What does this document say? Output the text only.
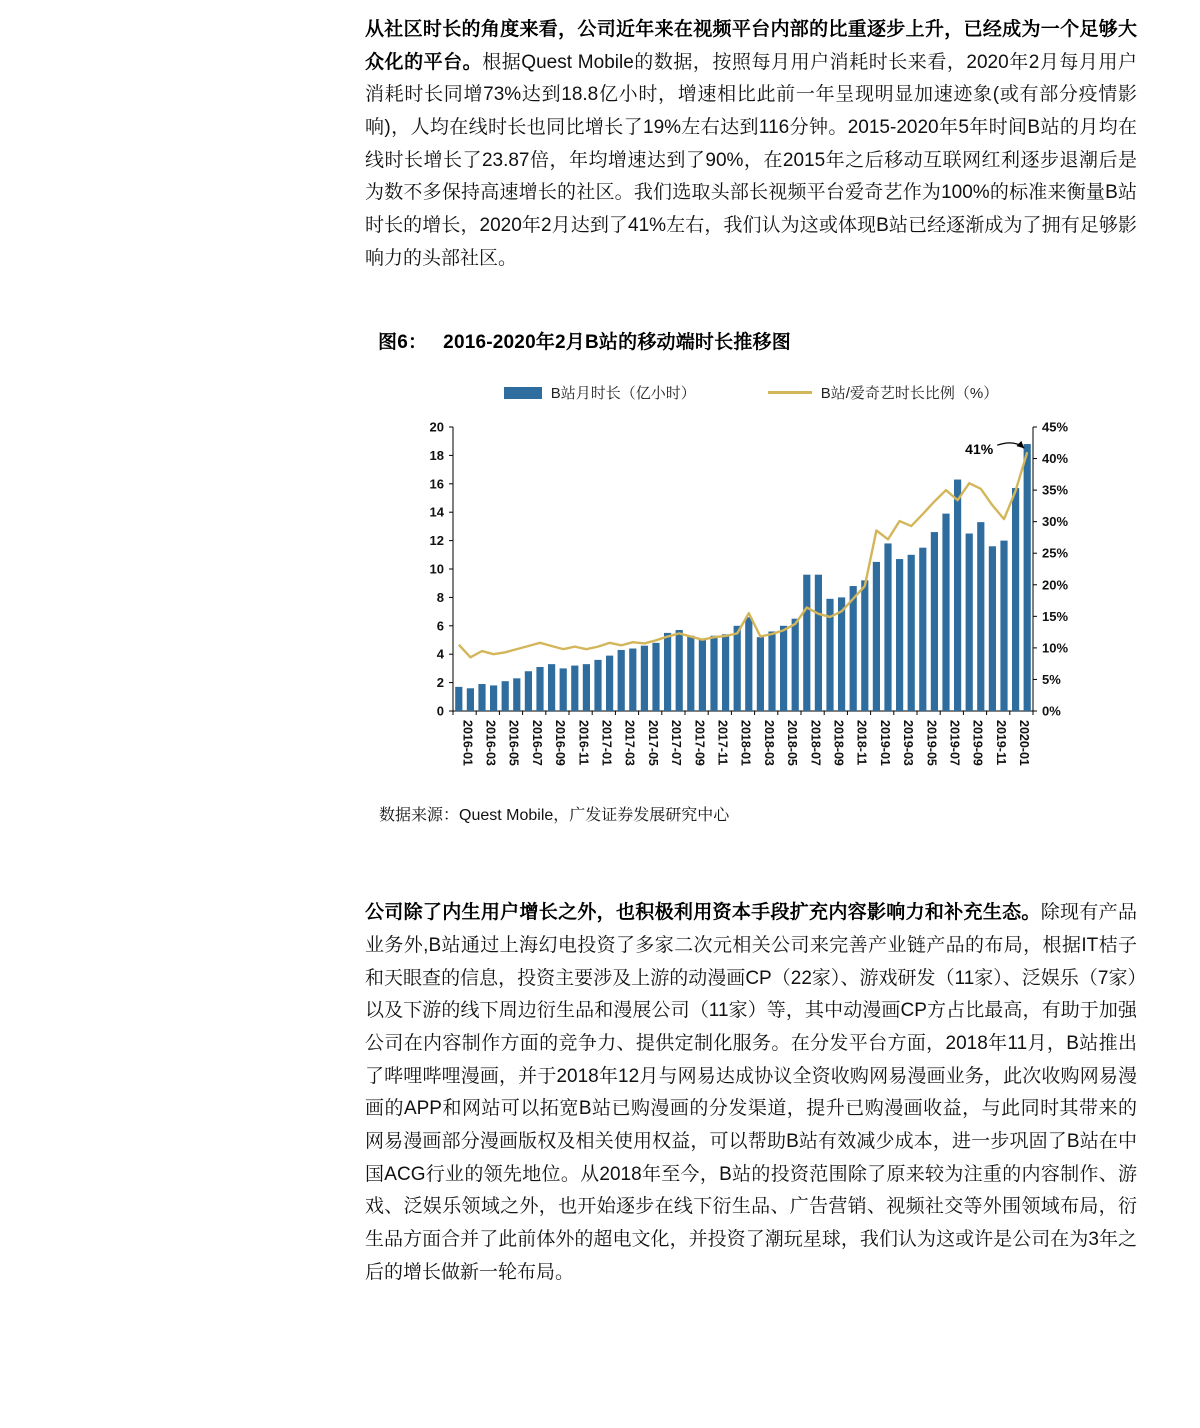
从社区时长的角度来看，公司近年来在视频平台内部的比重逐步上升，已经成为一个足够大众化的平台。根据Quest Mobile的数据，按照每月用户消耗时长来看，2020年2月每月用户消耗时长同增73%达到18.8亿小时，增速相比此前一年呈现明显加速迹象(或有部分疫情影响)，人均在线时长也同比增长了19%左右达到116分钟。2015-2020年5年时间B站的月均在线时长增长了23.87倍，年均增速达到了90%，在2015年之后移动互联网红利逐步退潮后是为数不多保持高速增长的社区。我们选取头部长视频平台爱奇艺作为100%的标准来衡量B站时长的增长，2020年2月达到了41%左右，我们认为这或体现B站已经逐渐成为了拥有足够影响力的头部社区。

图6： 2016-2020年2月B站的移动端时长推移图
B站月时长（亿小时）	B站/爱奇艺时长比例（%）
0
2
4
6
8
10
12
14
16
18
20
0%
5%
10%
15%
20%
25%
30%
35%
40%
45%
2016-01 2016-03 2016-05 2016-07 2016-09 2016-11 2017-01 2017-03 2017-05 2017-07 2017-09 2017-11 2018-01 2018-03 2018-05 2018-07 2018-09 2018-11 2019-01 2019-03 2019-05 2019-07 2019-09 2019-11 2020-01
41%
数据来源：Quest Mobile，广发证券发展研究中心

公司除了内生用户增长之外，也积极利用资本手段扩充内容影响力和补充生态。除现有产品业务外,B站通过上海幻电投资了多家二次元相关公司来完善产业链产品的布局，根据IT桔子和天眼查的信息，投资主要涉及上游的动漫画CP（22家）、游戏研发（11家）、泛娱乐（7家）以及下游的线下周边衍生品和漫展公司（11家）等，其中动漫画CP方占比最高，有助于加强公司在内容制作方面的竞争力、提供定制化服务。在分发平台方面，2018年11月，B站推出了哔哩哔哩漫画，并于2018年12月与网易达成协议全资收购网易漫画业务，此次收购网易漫画的APP和网站可以拓宽B站已购漫画的分发渠道，提升已购漫画收益，与此同时其带来的网易漫画部分漫画版权及相关使用权益，可以帮助B站有效减少成本，进一步巩固了B站在中国ACG行业的领先地位。从2018年至今，B站的投资范围除了原来较为注重的内容制作、游戏、泛娱乐领域之外，也开始逐步在线下衍生品、广告营销、视频社交等外围领域布局，衍生品方面合并了此前体外的超电文化，并投资了潮玩星球，我们认为这或许是公司在为3年之后的增长做新一轮布局。
